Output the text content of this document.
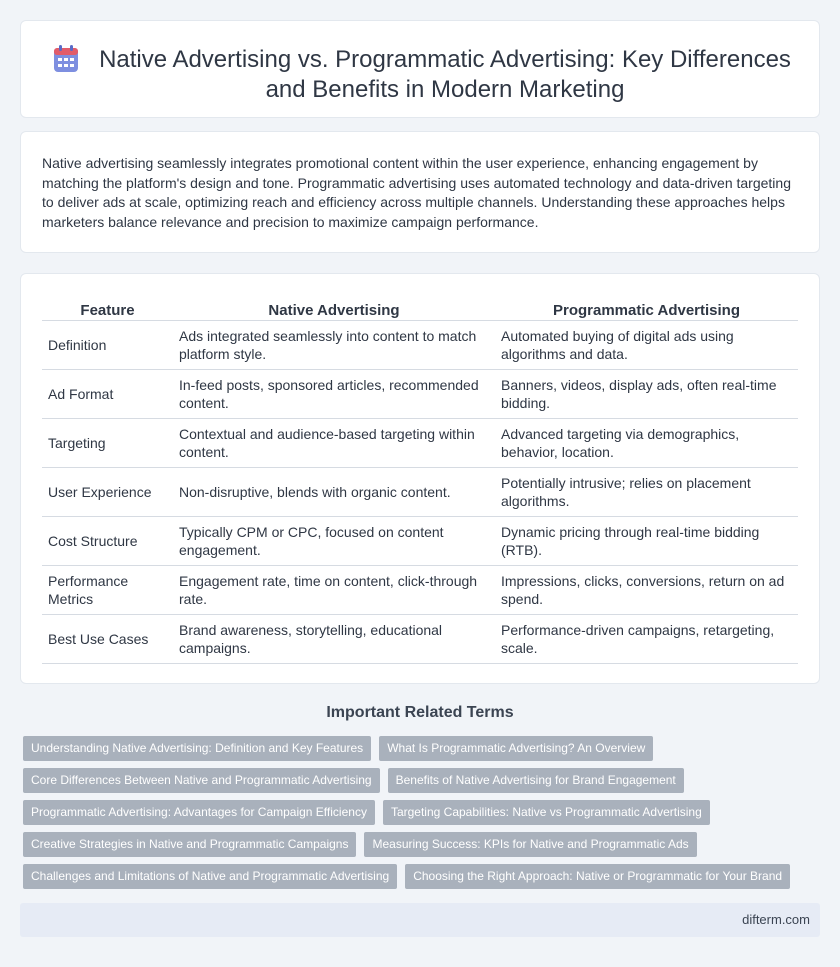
Native Advertising vs. Programmatic Advertising: Key Differences and Benefits in Modern Marketing

Native advertising seamlessly integrates promotional content within the user experience, enhancing engagement by matching the platform's design and tone. Programmatic advertising uses automated technology and data-driven targeting to deliver ads at scale, optimizing reach and efficiency across multiple channels. Understanding these approaches helps marketers balance relevance and precision to maximize campaign performance.

Feature	Native Advertising	Programmatic Advertising
Definition	Ads integrated seamlessly into content to match platform style.	Automated buying of digital ads using algorithms and data.
Ad Format	In-feed posts, sponsored articles, recommended content.	Banners, videos, display ads, often real-time bidding.
Targeting	Contextual and audience-based targeting within content.	Advanced targeting via demographics, behavior, location.
User Experience	Non-disruptive, blends with organic content.	Potentially intrusive; relies on placement algorithms.
Cost Structure	Typically CPM or CPC, focused on content engagement.	Dynamic pricing through real-time bidding (RTB).
Performance Metrics	Engagement rate, time on content, click-through rate.	Impressions, clicks, conversions, return on ad spend.
Best Use Cases	Brand awareness, storytelling, educational campaigns.	Performance-driven campaigns, retargeting, scale.
Important Related Terms
Understanding Native Advertising: Definition and Key Features	What Is Programmatic Advertising? An Overview
Core Differences Between Native and Programmatic Advertising	Benefits of Native Advertising for Brand Engagement
Programmatic Advertising: Advantages for Campaign Efficiency	Targeting Capabilities: Native vs Programmatic Advertising
Creative Strategies in Native and Programmatic Campaigns	Measuring Success: KPIs for Native and Programmatic Ads
Challenges and Limitations of Native and Programmatic Advertising	Choosing the Right Approach: Native or Programmatic for Your Brand
difterm.com
